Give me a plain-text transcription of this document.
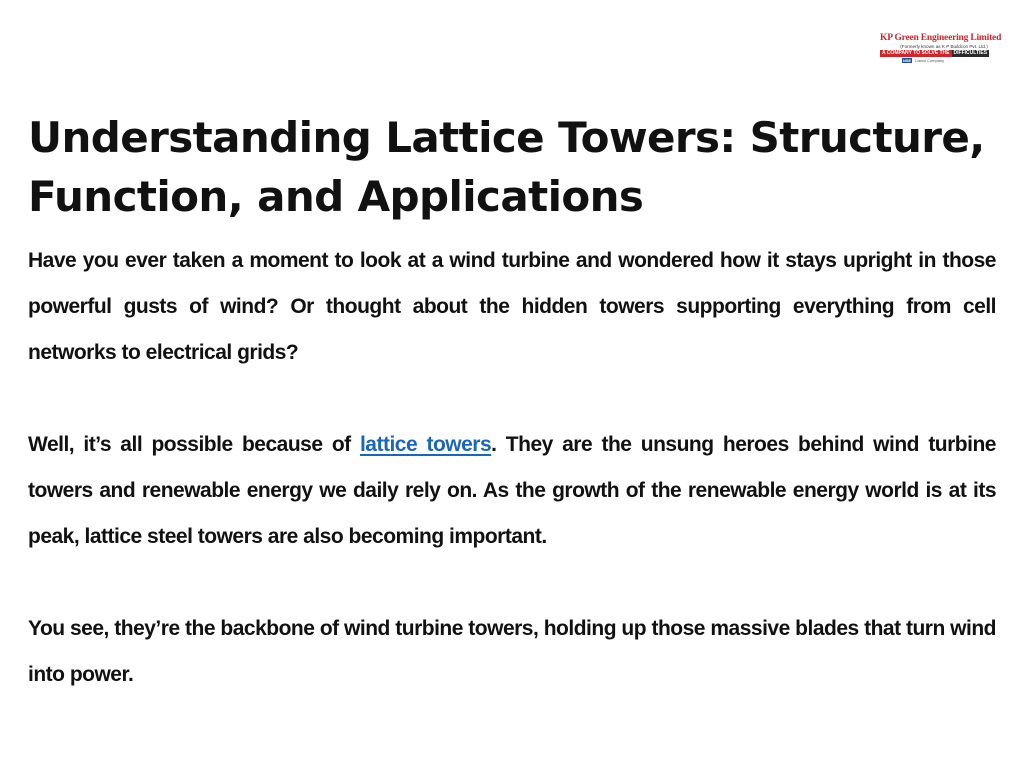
KP Green Engineering Limited
(Formerly known as K P Buildcon Pvt. Ltd.)
A COMPANY TO SOLVE THE DIFFICULTIES
NSE Listed Company
Understanding Lattice Towers: Structure, Function, and Applications

Have you ever taken a moment to look at a wind turbine and wondered how it stays upright in those powerful gusts of wind? Or thought about the hidden towers supporting everything from cell networks to electrical grids?

Well, it’s all possible because of lattice towers. They are the unsung heroes behind wind turbine towers and renewable energy we daily rely on. As the growth of the renewable energy world is at its peak, lattice steel towers are also becoming important.

You see, they’re the backbone of wind turbine towers, holding up those massive blades that turn wind into power.
